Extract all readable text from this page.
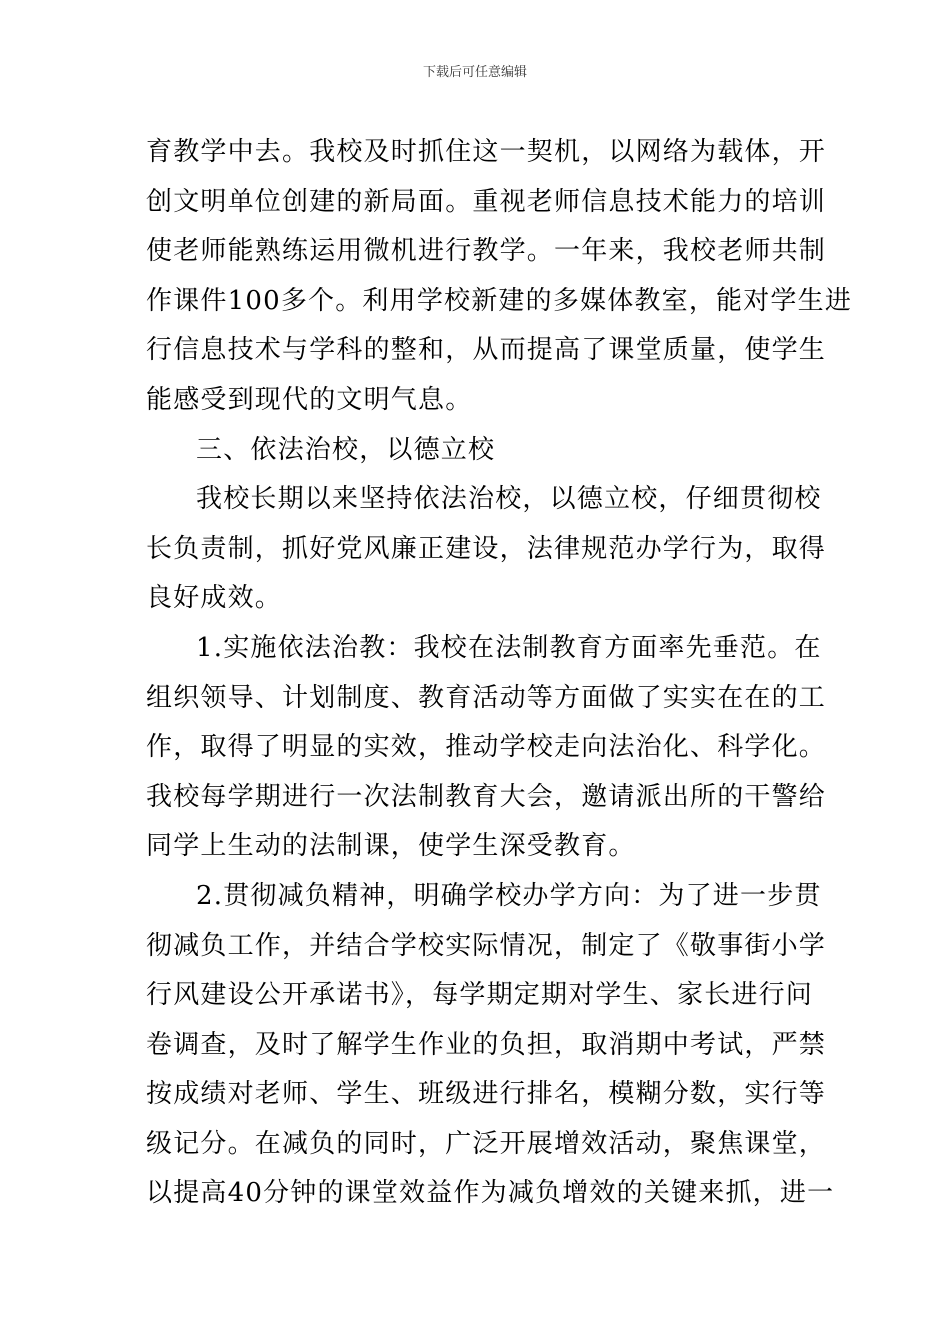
下载后可任意编辑
育教学中去。我校及时抓住这一契机，以网络为载体，开
创文明单位创建的新局面。重视老师信息技术能力的培训
使老师能熟练运用微机进行教学。一年来，我校老师共制
作课件100多个。利用学校新建的多媒体教室，能对学生进
行信息技术与学科的整和，从而提高了课堂质量，使学生
能感受到现代的文明气息。
三、依法治校，以德立校
我校长期以来坚持依法治校，以德立校，仔细贯彻校
长负责制，抓好党风廉正建设，法律规范办学行为，取得
良好成效。
1.实施依法治教：我校在法制教育方面率先垂范。在
组织领导、计划制度、教育活动等方面做了实实在在的工
作，取得了明显的实效，推动学校走向法治化、科学化。
我校每学期进行一次法制教育大会，邀请派出所的干警给
同学上生动的法制课，使学生深受教育。
2.贯彻减负精神，明确学校办学方向：为了进一步贯
彻减负工作，并结合学校实际情况，制定了《敬事街小学
行风建设公开承诺书》，每学期定期对学生、家长进行问
卷调查，及时了解学生作业的负担，取消期中考试，严禁
按成绩对老师、学生、班级进行排名，模糊分数，实行等
级记分。在减负的同时，广泛开展增效活动，聚焦课堂，
以提高40分钟的课堂效益作为减负增效的关键来抓，进一
